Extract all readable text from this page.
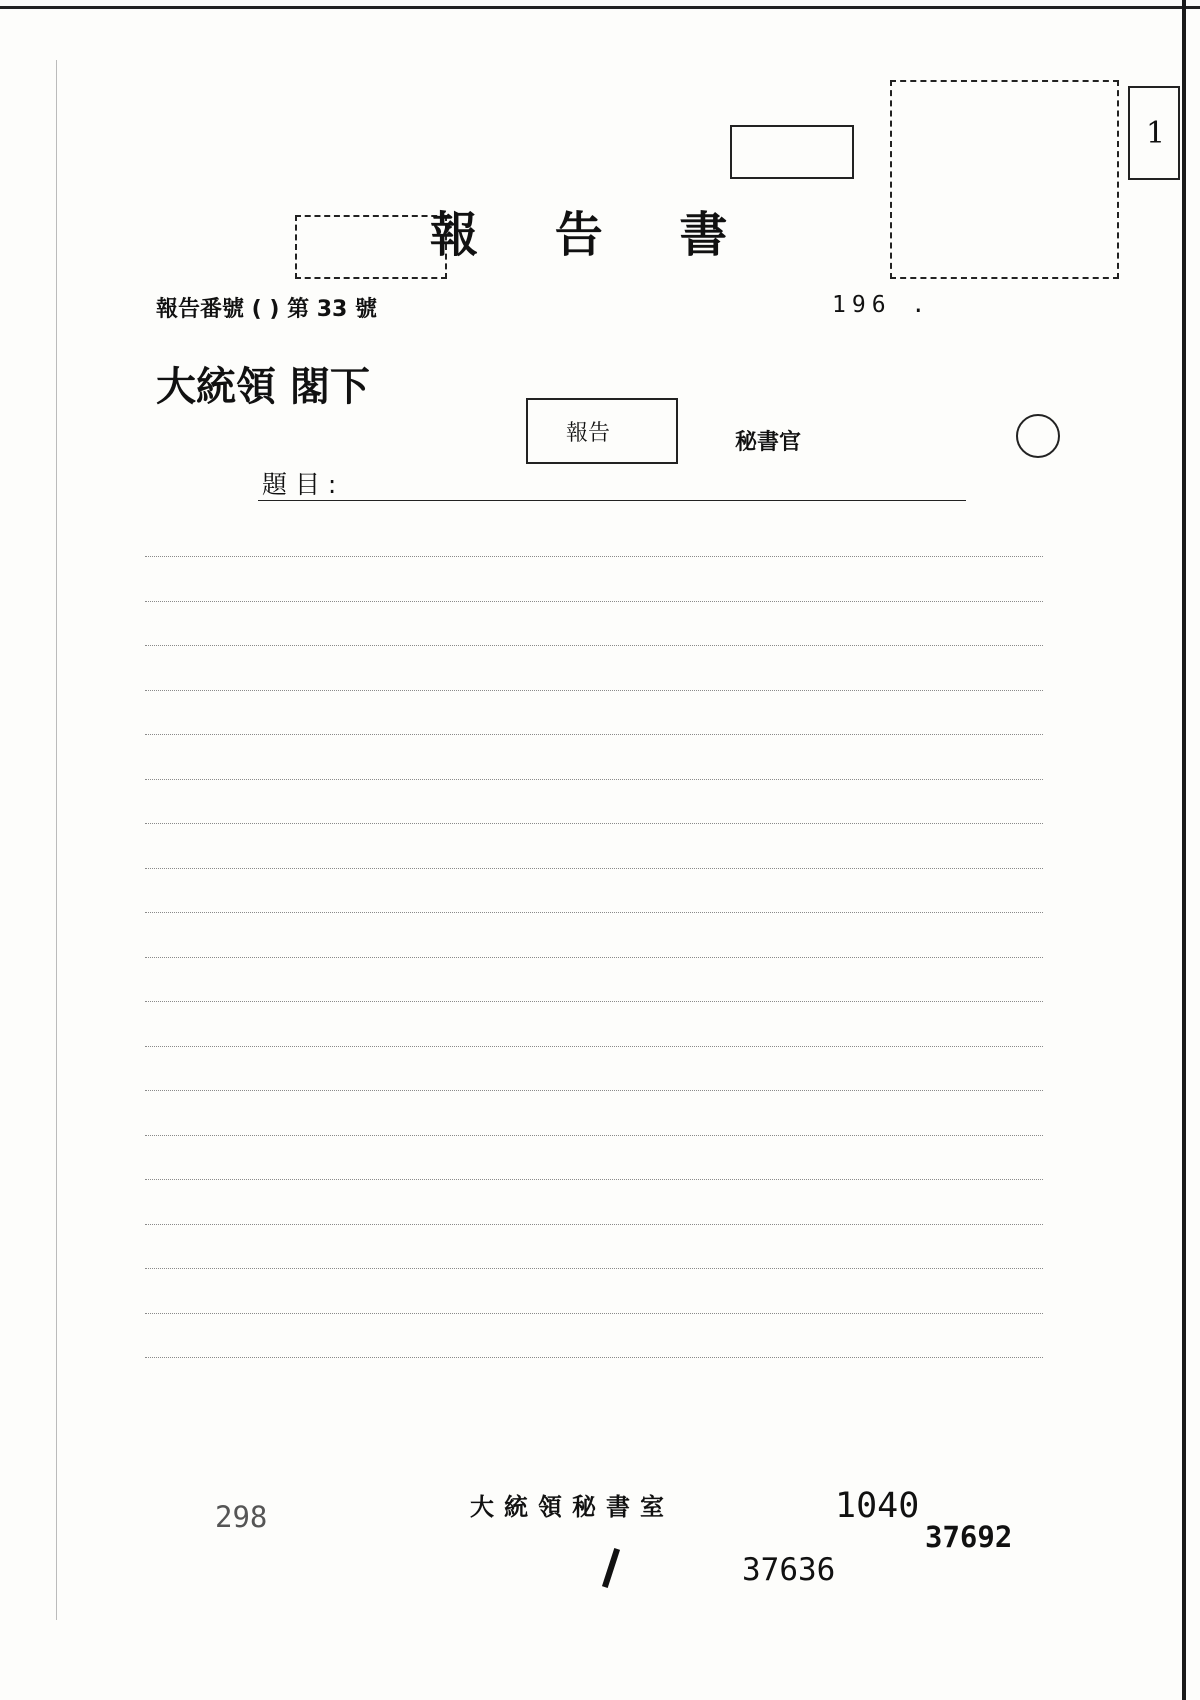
1
報 告 書
報告番號 ( ) 第 33 號	196 .
大統領 閣下
報告	秘書官
題 目 :
大統領秘書室
298	1040
37692
37636
